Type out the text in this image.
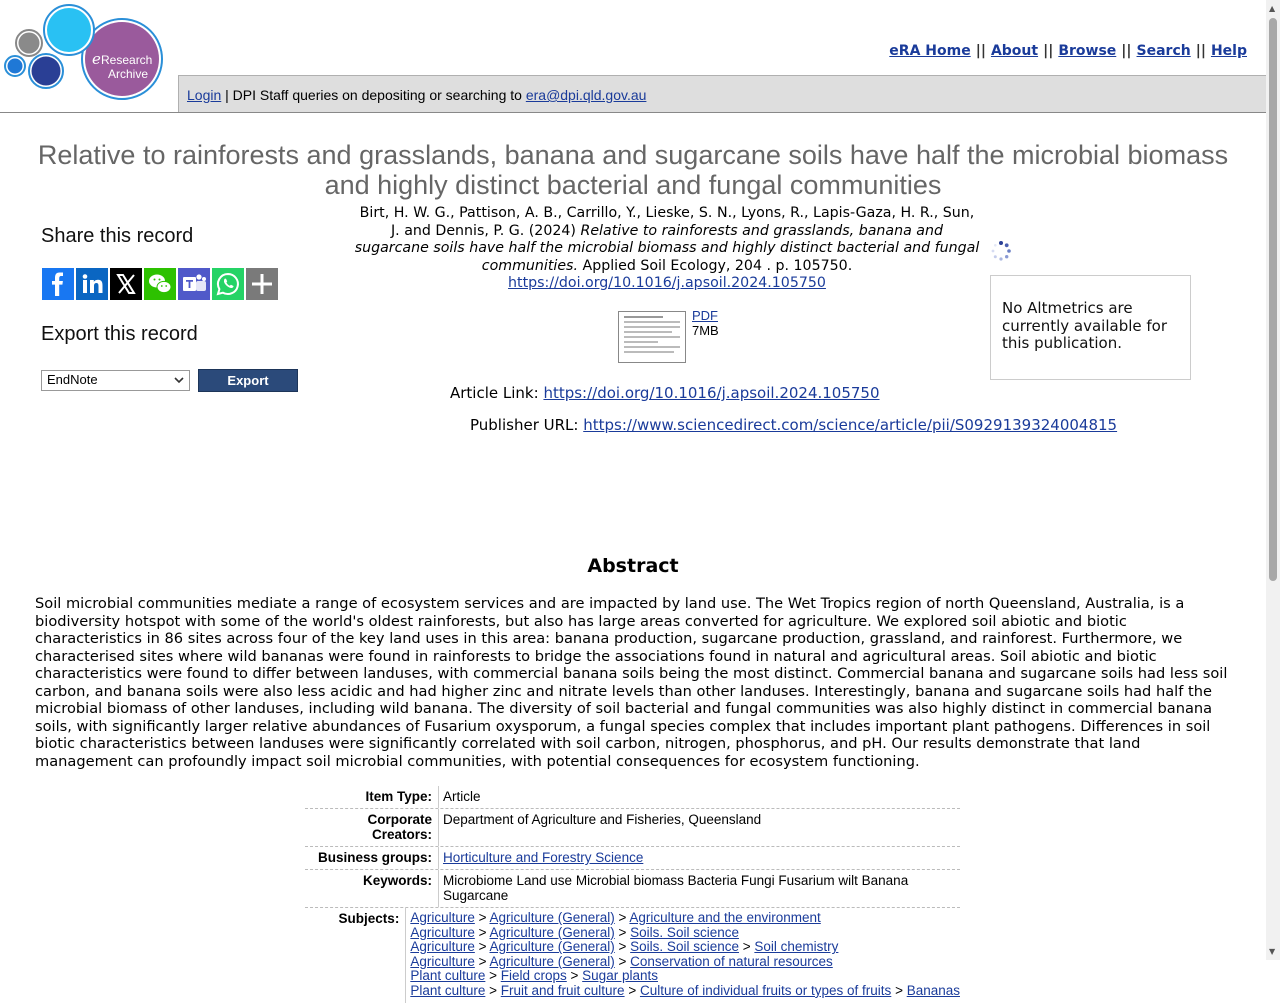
e Research
Archive
eRA Home || About || Browse || Search || Help
Login | DPI Staff queries on depositing or searching to era@dpi.qld.gov.au
Relative to rainforests and grasslands, banana and sugarcane soils have half the microbial biomass and highly distinct bacterial and fungal communities
Share this record
Export this record
EndNote	Export
Birt, H. W. G., Pattison, A. B., Carrillo, Y., Lieske, S. N., Lyons, R., Lapis-Gaza, H. R., Sun, J. and Dennis, P. G. (2024) Relative to rainforests and grasslands, banana and sugarcane soils have half the microbial biomass and highly distinct bacterial and fungal communities. Applied Soil Ecology, 204 . p. 105750.
https://doi.org/10.1016/j.apsoil.2024.105750
PDF
7MB
Article Link: https://doi.org/10.1016/j.apsoil.2024.105750
Publisher URL: https://www.sciencedirect.com/science/article/pii/S0929139324004815
No Altmetrics are currently available for this publication.
Abstract

Soil microbial communities mediate a range of ecosystem services and are impacted by land use. The Wet Tropics region of north Queensland, Australia, is a biodiversity hotspot with some of the world's oldest rainforests, but also has large areas converted for agriculture. We explored soil abiotic and biotic characteristics in 86 sites across four of the key land uses in this area: banana production, sugarcane production, grassland, and rainforest. Furthermore, we characterised sites where wild bananas were found in rainforests to bridge the associations found in natural and agricultural areas. Soil abiotic and biotic characteristics were found to differ between landuses, with commercial banana soils being the most distinct. Commercial banana and sugarcane soils had less soil carbon, and banana soils were also less acidic and had higher zinc and nitrate levels than other landuses. Interestingly, banana and sugarcane soils had half the microbial biomass of other landuses, including wild banana. The diversity of soil bacterial and fungal communities was also highly distinct in commercial banana soils, with significantly larger relative abundances of Fusarium oxysporum, a fungal species complex that includes important plant pathogens. Differences in soil biotic characteristics between landuses were significantly correlated with soil carbon, nitrogen, phosphorus, and pH. Our results demonstrate that land management can profoundly impact soil microbial communities, with potential consequences for ecosystem functioning.

Item Type: Article
Corporate Creators:
Department of Agriculture and Fisheries, Queensland
Business groups: Horticulture and Forestry Science
Keywords: Microbiome Land use Microbial biomass Bacteria Fungi Fusarium wilt Banana Sugarcane
Subjects: Agriculture > Agriculture (General) > Agriculture and the environment
Agriculture > Agriculture (General) > Soils. Soil science
Agriculture > Agriculture (General) > Soils. Soil science > Soil chemistry
Agriculture > Agriculture (General) > Conservation of natural resources
Plant culture > Field crops > Sugar plants
Plant culture > Fruit and fruit culture > Culture of individual fruits or types of fruits > Bananas
▲
▼
